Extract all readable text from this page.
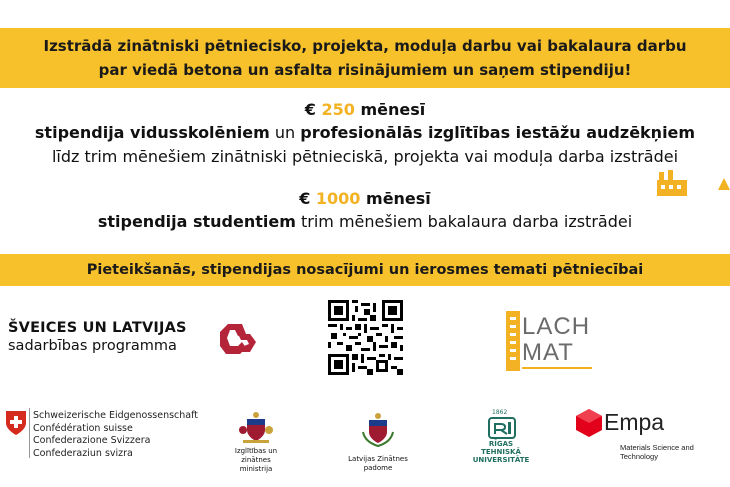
Izstrādā zinātniski pētniecisko, projekta, moduļa darbu vai bakalaura darbu
par viedā betona un asfalta risinājumiem un saņem stipendiju!
€ 250 mēnesī
stipendija vidusskolēniem un profesionālās izglītības iestāžu audzēkņiem
līdz trim mēnešiem zinātniski pētnieciskā, projekta vai moduļa darba izstrādei
€ 1000 mēnesī
stipendija studentiem trim mēnešiem bakalaura darba izstrādei
Pieteikšanās, stipendijas nosacījumi un ierosmes temati pētniecībai
ŠVEICES UN LATVIJAS
sadarbības programma
LACH
MAT
Schweizerische Eidgenossenschaft
Confédération suisse
Confederazione Svizzera
Confederaziun svizra	Izglītības un zinātnes
ministrija
Latvijas Zinātnes padome
1862
RĪGAS TEHNISKĀ
UNIVERSITĀTE
Empa
Materials Science and Technology
